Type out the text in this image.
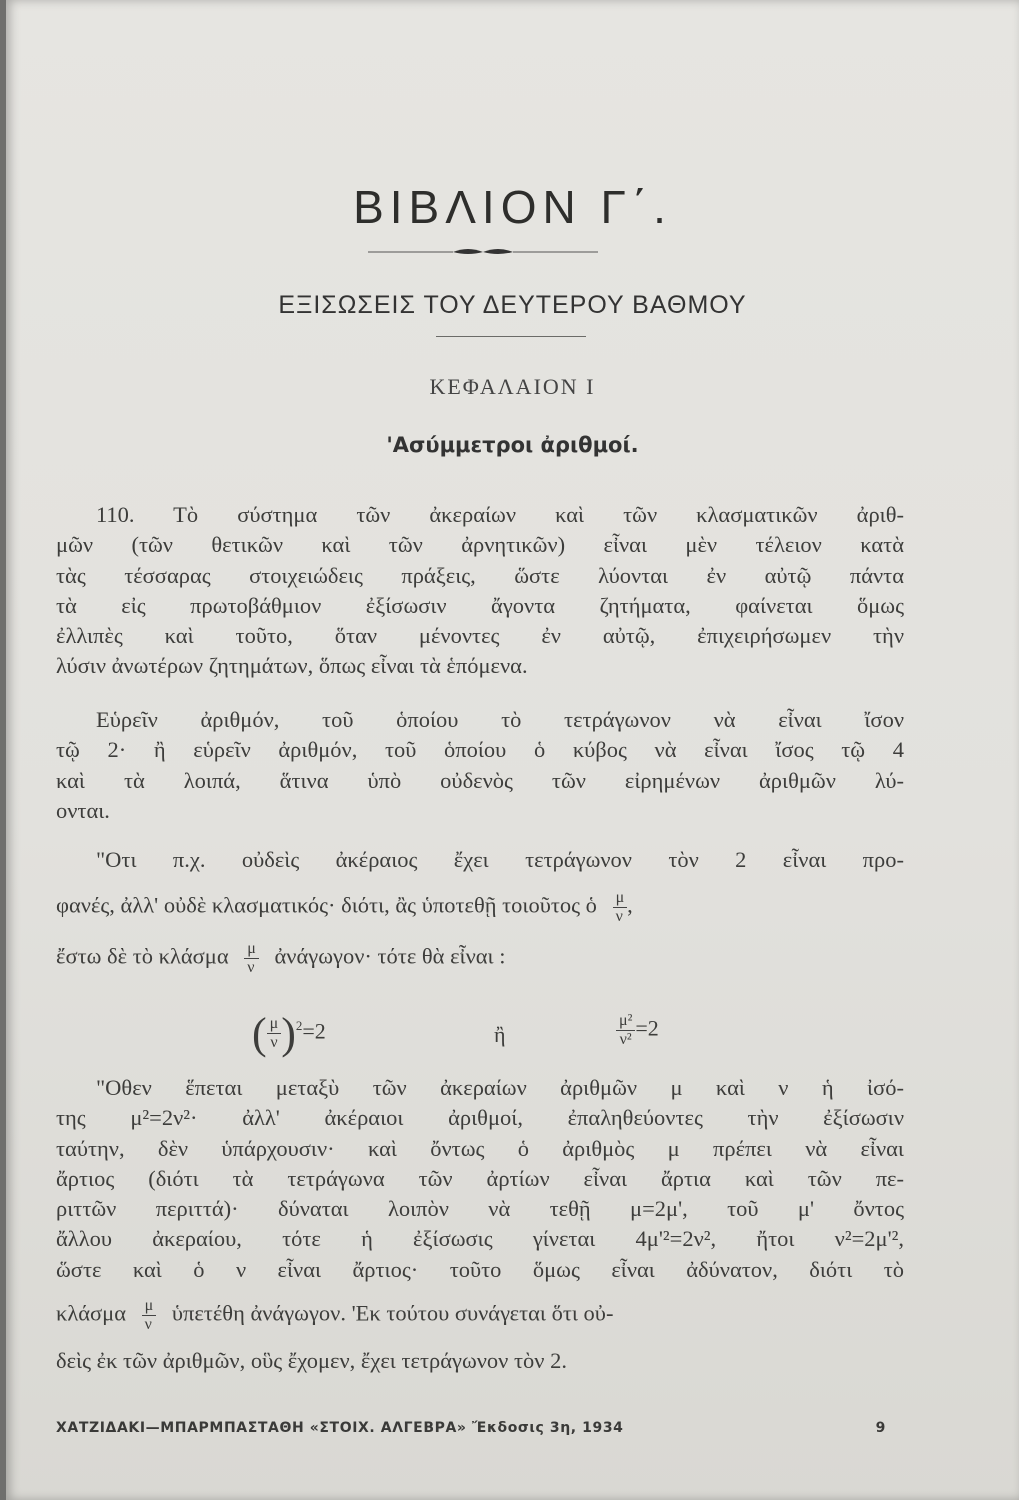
ΒΙΒΛΙΟΝ Γ΄.
ΕΞΙΣΩΣΕΙΣ ΤΟΥ ΔΕΥΤΕΡΟΥ ΒΑΘΜΟΥ
ΚΕΦΑΛΑΙΟΝ Ι
'Ασύμμετροι ἀριθμοί.
110. Τὸ σύστημα τῶν ἀκεραίων καὶ τῶν κλασματικῶν ἀριθ-
μῶν (τῶν θετικῶν καὶ τῶν ἀρνητικῶν) εἶναι μὲν τέλειον κατὰ
τὰς τέσσαρας στοιχειώδεις πράξεις, ὥστε λύονται ἐν αὐτῷ πάντα
τὰ εἰς πρωτοβάθμιον ἐξίσωσιν ἄγοντα ζητήματα, φαίνεται ὅμως
ἐλλιπὲς καὶ τοῦτο, ὅταν μένοντες ἐν αὐτῷ, ἐπιχειρήσωμεν τὴν
λύσιν ἀνωτέρων ζητημάτων, ὅπως εἶναι τὰ ἑπόμενα.
Εὑρεῖν ἀριθμόν, τοῦ ὁποίου τὸ τετράγωνον νὰ εἶναι ἴσον
τῷ 2· ἢ εὑρεῖν ἀριθμόν, τοῦ ὁποίου ὁ κύβος νὰ εἶναι ἴσος τῷ 4
καὶ τὰ λοιπά, ἅτινα ὑπὸ οὐδενὸς τῶν εἰρημένων ἀριθμῶν λύ-
ονται.
"Οτι π.χ. οὐδεὶς ἀκέραιος ἔχει τετράγωνον τὸν 2 εἶναι προ-
φανές, ἀλλ' οὐδὲ κλασματικός· διότι, ἂς ὑποτεθῇ τοιοῦτος ὁ $\frac{\mu}{\nu}$ ,
ἔστω δὲ τὸ κλάσμα $\frac{\mu}{\nu}$ ἀνάγωγον· τότε θὰ εἶναι :
( $\frac{\mu}{\nu} )^2=2$	ἢ	$\frac{\text{μ²}}{\text{ν²}} =2$
"Οθεν ἕπεται μεταξὺ τῶν ἀκεραίων ἀριθμῶν μ καὶ ν ἡ ἰσό-
της μ²=2ν²· ἀλλ' ἀκέραιοι ἀριθμοί, ἐπαληθεύοντες τὴν ἐξίσωσιν
ταύτην, δὲν ὑπάρχουσιν· καὶ ὄντως ὁ ἀριθμὸς μ πρέπει νὰ εἶναι
ἄρτιος (διότι τὰ τετράγωνα τῶν ἀρτίων εἶναι ἄρτια καὶ τῶν πε-
ριττῶν περιττά)· δύναται λοιπὸν νὰ τεθῇ μ=2μ', τοῦ μ' ὄντος
ἄλλου ἀκεραίου, τότε ἡ ἐξίσωσις γίνεται 4μ'²=2ν², ἤτοι ν²=2μ'²,
ὥστε καὶ ὁ ν εἶναι ἄρτιος· τοῦτο ὅμως εἶναι ἀδύνατον, διότι τὸ
κλάσμα $\frac{\mu}{\nu}$ ὑπετέθη ἀνάγωγον. 'Εκ τούτου συνάγεται ὅτι οὐ-
δεὶς ἐκ τῶν ἀριθμῶν, οὓς ἔχομεν, ἔχει τετράγωνον τὸν 2.
ΧΑΤΖΙΔΑΚΙ—ΜΠΑΡΜΠΑΣΤΑΘΗ «ΣΤΟΙΧ. ΑΛΓΕΒΡΑ» Ἔκδοσις 3η, 1934	9
